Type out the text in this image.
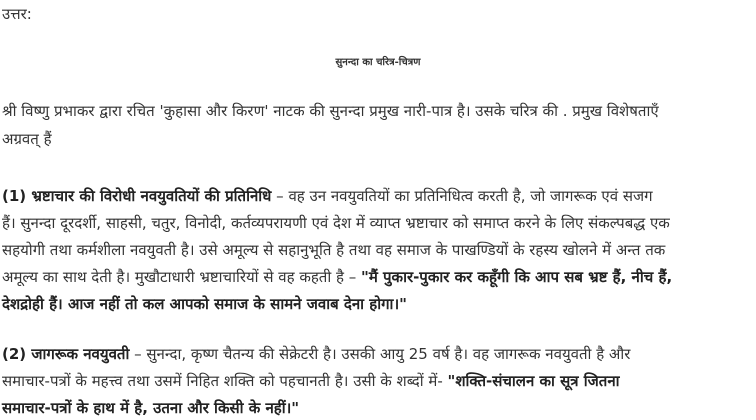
उत्तर:
सुनन्दा का चरित्र-चित्रण
श्री विष्णु प्रभाकर द्वारा रचित 'कुहासा और किरण' नाटक की सुनन्दा प्रमुख नारी-पात्र है। उसके चरित्र की . प्रमुख विशेषताएँ
अग्रवत् हैं
(1) भ्रष्टाचार की विरोधी नवयुवतियों की प्रतिनिधि – वह उन नवयुवतियों का प्रतिनिधित्व करती है, जो जागरूक एवं सजग
हैं। सुनन्दा दूरदर्शी, साहसी, चतुर, विनोदी, कर्तव्यपरायणी एवं देश में व्याप्त भ्रष्टाचार को समाप्त करने के लिए संकल्पबद्ध एक
सहयोगी तथा कर्मशीला नवयुवती है। उसे अमूल्य से सहानुभूति है तथा वह समाज के पाखण्डियों के रहस्य खोलने में अन्त तक
अमूल्य का साथ देती है। मुखौटाधारी भ्रष्टाचारियों से वह कहती है – "मैं पुकार-पुकार कर कहूँगी कि आप सब भ्रष्ट हैं, नीच हैं,
देशद्रोही हैं। आज नहीं तो कल आपको समाज के सामने जवाब देना होगा।"
(2) जागरूक नवयुवती – सुनन्दा, कृष्ण चैतन्य की सेक्रेटरी है। उसकी आयु 25 वर्ष है। वह जागरूक नवयुवती है और
समाचार-पत्रों के महत्त्व तथा उसमें निहित शक्ति को पहचानती है। उसी के शब्दों में- "शक्ति-संचालन का सूत्र जितना
समाचार-पत्रों के हाथ में है, उतना और किसी के नहीं।"
